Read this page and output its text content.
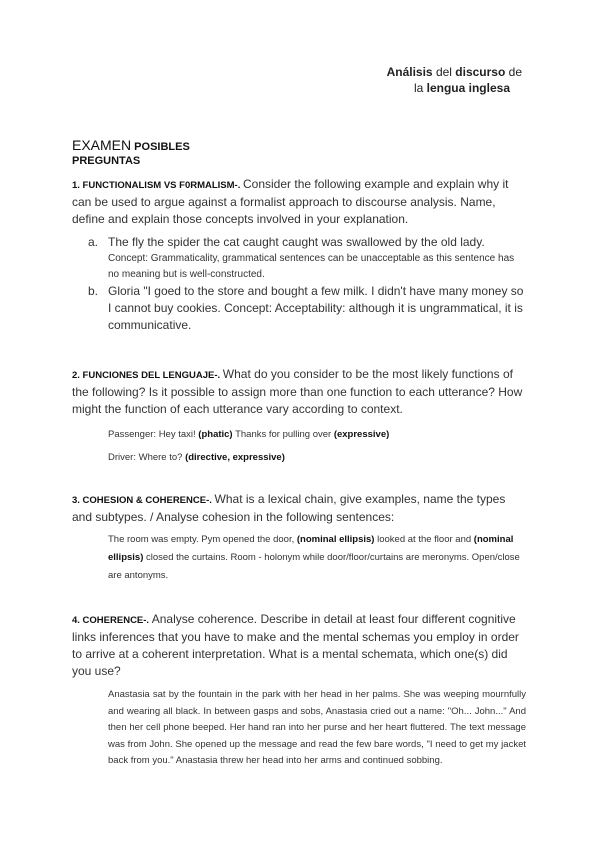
Análisis del discurso de
la lengua inglesa
EXAMEN POSIBLES
PREGUNTAS
1. FUNCTIONALISM VS F0RMALISM-. Consider the following example and explain why it can be used to argue against a formalist approach to discourse analysis. Name, define and explain those concepts involved in your explanation.
a. The fly the spider the cat caught caught was swallowed by the old lady.
Concept: Grammaticality, grammatical sentences can be unacceptable as this sentence has no meaning but is well-constructed.
b. Gloria "I goed to the store and bought a few milk. I didn't have many money so I cannot buy cookies. Concept: Acceptability: although it is ungrammatical, it is communicative.
2. FUNCIONES DEL LENGUAJE-. What do you consider to be the most likely functions of the following? Is it possible to assign more than one function to each utterance? How might the function of each utterance vary according to context.
Passenger: Hey taxi! (phatic) Thanks for pulling over (expressive)
Driver: Where to? (directive, expressive)
3. COHESION & COHERENCE-. What is a lexical chain, give examples, name the types and subtypes. / Analyse cohesion in the following sentences:
The room was empty. Pym opened the door, (nominal ellipsis) looked at the floor and (nominal ellipsis) closed the curtains. Room - holonym while door/floor/curtains are meronyms. Open/close are antonyms.
4. COHERENCE-. Analyse coherence. Describe in detail at least four different cognitive links inferences that you have to make and the mental schemas you employ in order to arrive at a coherent interpretation. What is a mental schemata, which one(s) did you use?
Anastasia sat by the fountain in the park with her head in her palms. She was weeping mournfully and wearing all black. In between gasps and sobs, Anastasia cried out a name: "Oh... John..." And then her cell phone beeped. Her hand ran into her purse and her heart fluttered. The text message was from John. She opened up the message and read the few bare words, "I need to get my jacket back from you." Anastasia threw her head into her arms and continued sobbing.
